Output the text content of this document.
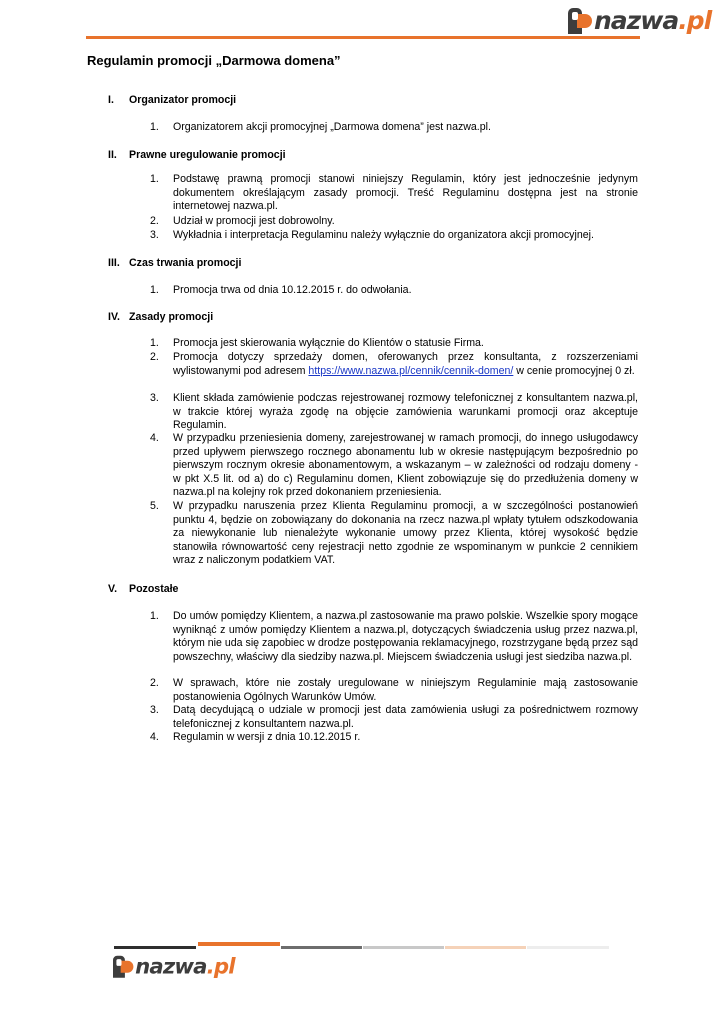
nazwa.pl
Regulamin promocji „Darmowa domena”
I. Organizator promocji
1. Organizatorem akcji promocyjnej „Darmowa domena” jest nazwa.pl.
II. Prawne uregulowanie promocji
1. Podstawę prawną promocji stanowi niniejszy Regulamin, który jest jednocześnie jedynym dokumentem określającym zasady promocji. Treść Regulaminu dostępna jest na stronie internetowej nazwa.pl.
2. Udział w promocji jest dobrowolny.
3. Wykładnia i interpretacja Regulaminu należy wyłącznie do organizatora akcji promocyjnej.
III. Czas trwania promocji
1. Promocja trwa od dnia 10.12.2015 r. do odwołania.
IV. Zasady promocji
1. Promocja jest skierowania wyłącznie do Klientów o statusie Firma.
2. Promocja dotyczy sprzedaży domen, oferowanych przez konsultanta, z rozszerzeniami wylistowanymi pod adresem https://www.nazwa.pl/cennik/cennik-domen/ w cenie promocyjnej 0 zł.
3. Klient składa zamówienie podczas rejestrowanej rozmowy telefonicznej z konsultantem nazwa.pl, w trakcie której wyraża zgodę na objęcie zamówienia warunkami promocji oraz akceptuje Regulamin.
4. W przypadku przeniesienia domeny, zarejestrowanej w ramach promocji, do innego usługodawcy przed upływem pierwszego rocznego abonamentu lub w okresie następującym bezpośrednio po pierwszym rocznym okresie abonamentowym, a wskazanym – w zależności od rodzaju domeny - w pkt X.5 lit. od a) do c) Regulaminu domen, Klient zobowiązuje się do przedłużenia domeny w nazwa.pl na kolejny rok przed dokonaniem przeniesienia.
5. W przypadku naruszenia przez Klienta Regulaminu promocji, a w szczególności postanowień punktu 4, będzie on zobowiązany do dokonania na rzecz nazwa.pl wpłaty tytułem odszkodowania za niewykonanie lub nienależyte wykonanie umowy przez Klienta, której wysokość będzie stanowiła równowartość ceny rejestracji netto zgodnie ze wspominanym w punkcie 2 cennikiem wraz z naliczonym podatkiem VAT.
V. Pozostałe
1. Do umów pomiędzy Klientem, a nazwa.pl zastosowanie ma prawo polskie. Wszelkie spory mogące wyniknąć z umów pomiędzy Klientem a nazwa.pl, dotyczących świadczenia usług przez nazwa.pl, którym nie uda się zapobiec w drodze postępowania reklamacyjnego, rozstrzygane będą przez sąd powszechny, właściwy dla siedziby nazwa.pl. Miejscem świadczenia usługi jest siedziba nazwa.pl.
2. W sprawach, które nie zostały uregulowane w niniejszym Regulaminie mają zastosowanie postanowienia Ogólnych Warunków Umów.
3. Datą decydującą o udziale w promocji jest data zamówienia usługi za pośrednictwem rozmowy telefonicznej z konsultantem nazwa.pl.
4. Regulamin w wersji z dnia 10.12.2015 r.
nazwa.pl
